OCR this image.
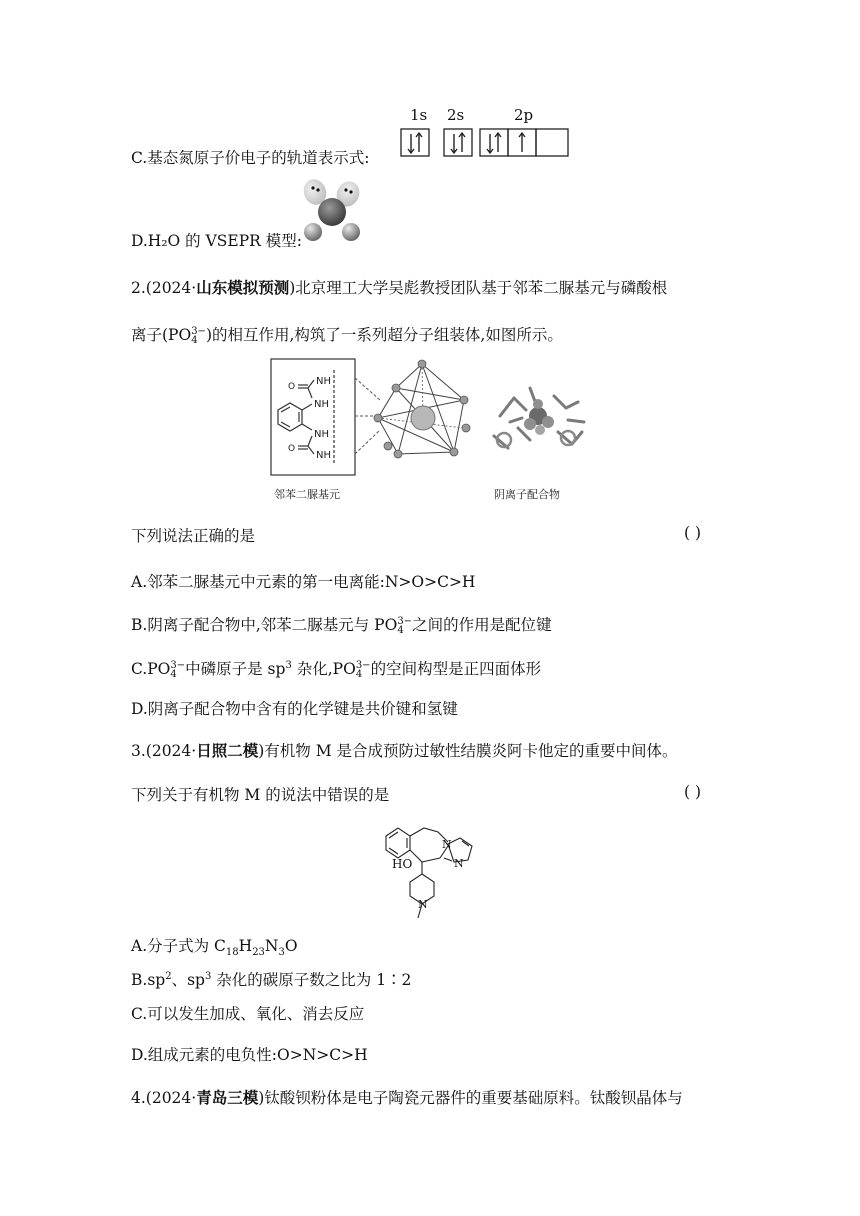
C.基态氮原子价电子的轨道表示式:
1s 2s	2p
D.H₂O 的 VSEPR 模型:
2.(2024·山东模拟预测)北京理工大学吴彪教授团队基于邻苯二脲基元与磷酸根
离子(PO 3−
4 )的相互作用,构筑了一系列超分子组装体,如图所示。
O
O
NH
NH
NH
NH
邻苯二脲基元	阴离子配合物
下列说法正确的是	( )
A.邻苯二脲基元中元素的第一电离能:N>O>C>H
B.阴离子配合物中,邻苯二脲基元与 PO 3−
4 之间的作用是配位键
C.PO 3−
4 中磷原子是 $sp^3$ 杂化,PO 3−
4 的空间构型是正四面体形
D.阴离子配合物中含有的化学键是共价键和氢键
3.(2024·日照二模)有机物 M 是合成预防过敏性结膜炎阿卡他定的重要中间体。
下列关于有机物 M 的说法中错误的是	( )
HO
N
N
N
A.分子式为 $C_{18}H_{23}N_3O$
$B.sp^2$、$sp^3$ 杂化的碳原子数之比为 1∶2
C.可以发生加成、氧化、消去反应
D.组成元素的电负性:O>N>C>H
4.(2024·青岛三模)钛酸钡粉体是电子陶瓷元器件的重要基础原料。钛酸钡晶体与
